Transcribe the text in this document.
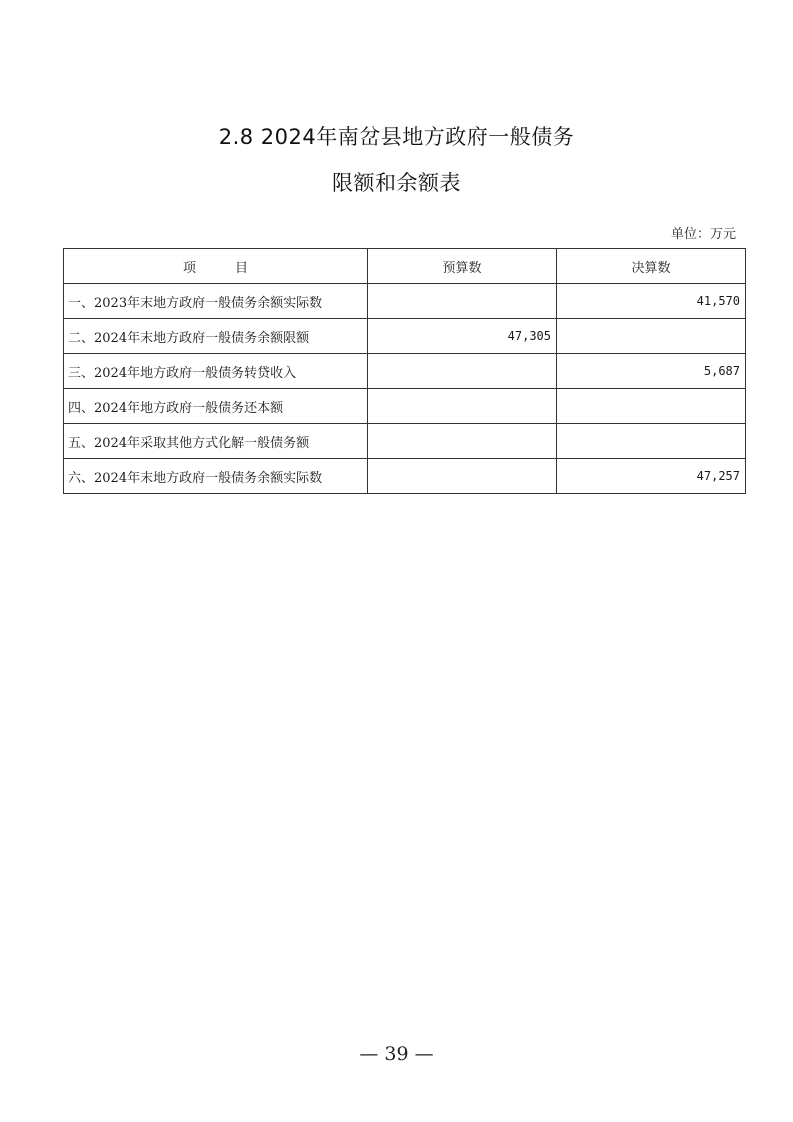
2.8 2024年南岔县地方政府一般债务
限额和余额表
单位：万元
项　　　目	预算数	决算数
一、2023年末地方政府一般债务余额实际数		41,570
二、2024年末地方政府一般债务余额限额	47,305	
三、2024年地方政府一般债务转贷收入		5,687
四、2024年地方政府一般债务还本额		
五、2024年采取其他方式化解一般债务额		
六、2024年末地方政府一般债务余额实际数		47,257
— 39 —
